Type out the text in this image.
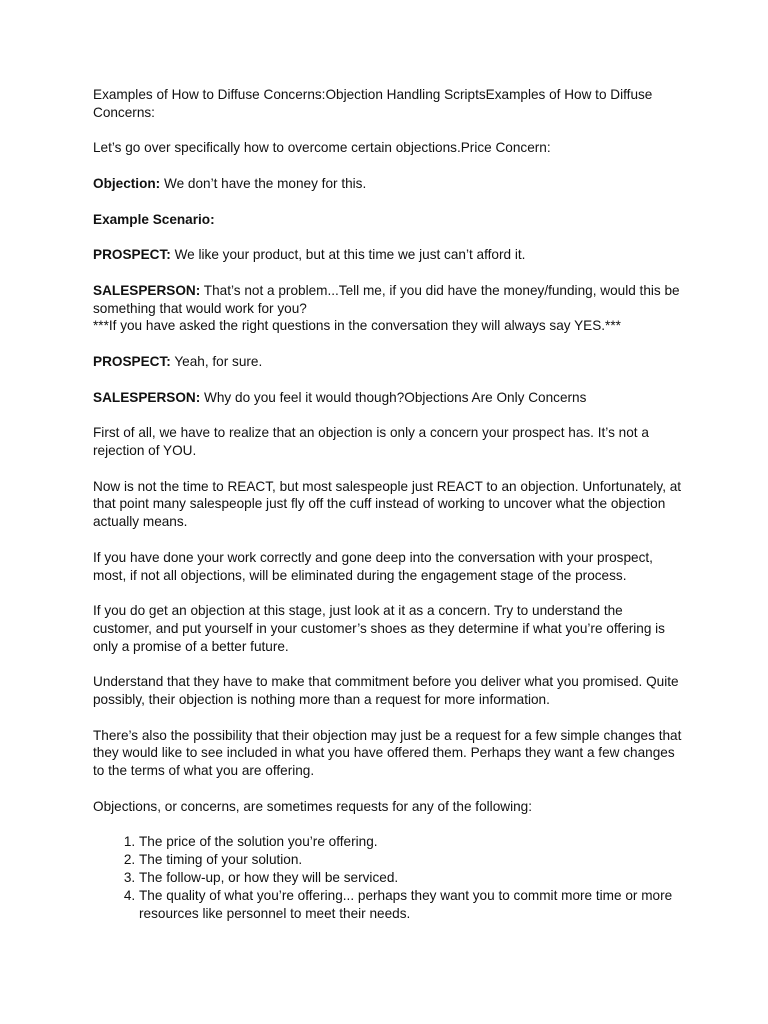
Examples of How to Diffuse Concerns:Objection Handling ScriptsExamples of How to Diffuse Concerns:

Let’s go over specifically how to overcome certain objections.Price Concern:

Objection: We don’t have the money for this.

Example Scenario:

PROSPECT: We like your product, but at this time we just can’t afford it.

SALESPERSON: That’s not a problem...Tell me, if you did have the money/funding, would this be something that would work for you?
***If you have asked the right questions in the conversation they will always say YES.***

PROSPECT: Yeah, for sure.

SALESPERSON: Why do you feel it would though?Objections Are Only Concerns

First of all, we have to realize that an objection is only a concern your prospect has. It’s not a rejection of YOU.

Now is not the time to REACT, but most salespeople just REACT to an objection. Unfortunately, at that point many salespeople just fly off the cuff instead of working to uncover what the objection actually means.

If you have done your work correctly and gone deep into the conversation with your prospect, most, if not all objections, will be eliminated during the engagement stage of the process.

If you do get an objection at this stage, just look at it as a concern. Try to understand the customer, and put yourself in your customer’s shoes as they determine if what you’re offering is only a promise of a better future.

Understand that they have to make that commitment before you deliver what you promised. Quite possibly, their objection is nothing more than a request for more information.

There’s also the possibility that their objection may just be a request for a few simple changes that they would like to see included in what you have offered them. Perhaps they want a few changes to the terms of what you are offering.

Objections, or concerns, are sometimes requests for any of the following:

1. The price of the solution you’re offering.
2. The timing of your solution.
3. The follow-up, or how they will be serviced.
4. The quality of what you’re offering... perhaps they want you to commit more time or more resources like personnel to meet their needs.
